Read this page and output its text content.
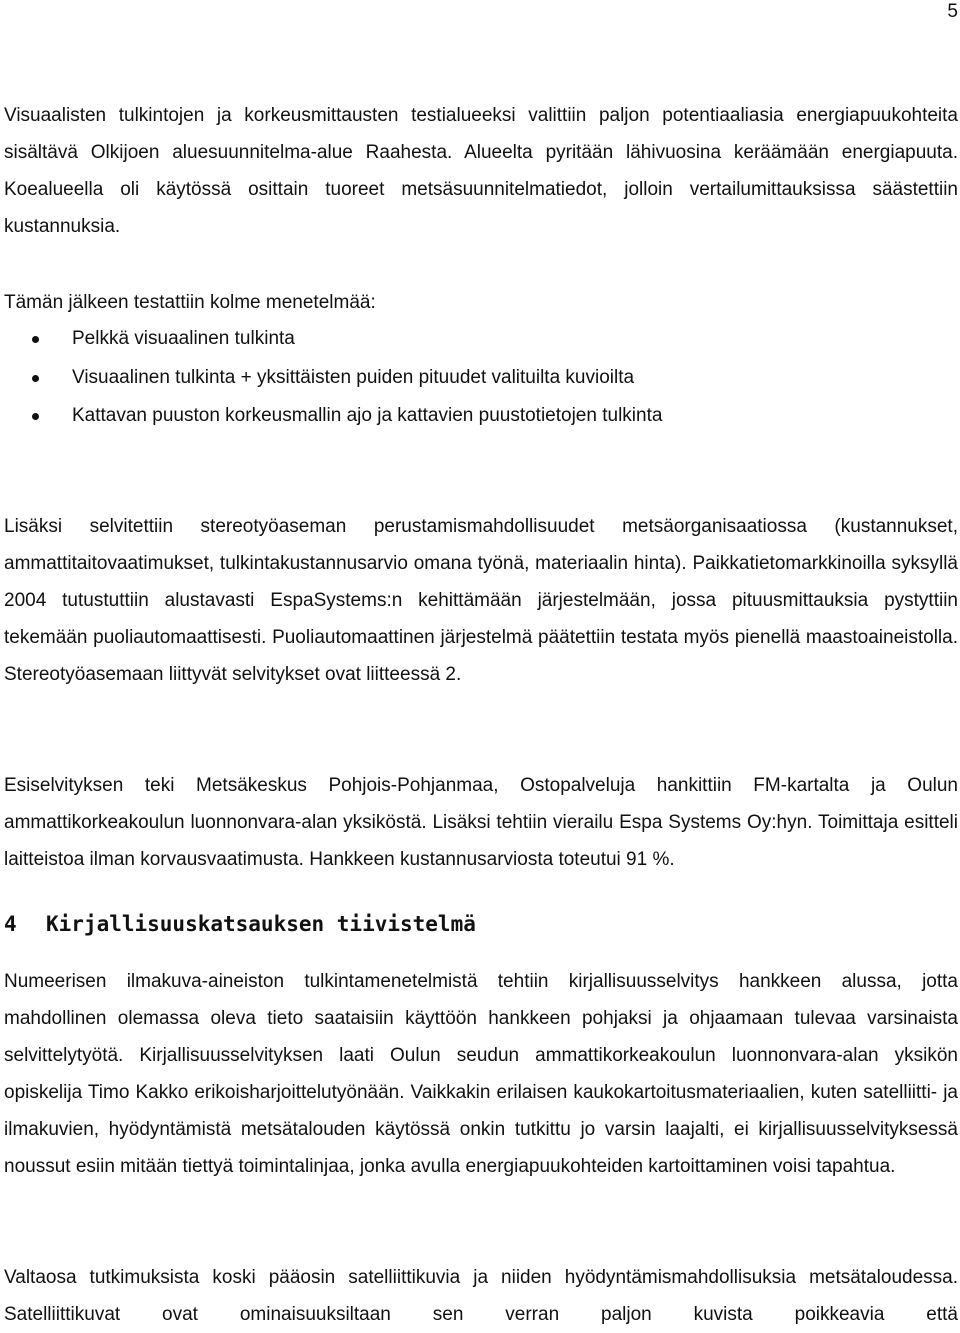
5

Visuaalisten tulkintojen ja korkeusmittausten testialueeksi valittiin paljon potentiaaliasia energiapuukohteita sisältävä Olkijoen aluesuunnitelma-alue Raahesta. Alueelta pyritään lähivuosina keräämään energiapuuta. Koealueella oli käytössä osittain tuoreet metsäsuunnitelmatiedot, jolloin vertailumittauksissa säästettiin kustannuksia.

Tämän jälkeen testattiin kolme menetelmää:

Pelkkä visuaalinen tulkinta
Visuaalinen tulkinta + yksittäisten puiden pituudet valituilta kuvioilta
Kattavan puuston korkeusmallin ajo ja kattavien puustotietojen tulkinta

Lisäksi selvitettiin stereotyöaseman perustamismahdollisuudet metsäorganisaatiossa (kustannukset, ammattitaitovaatimukset, tulkintakustannusarvio omana työnä, materiaalin hinta). Paikkatietomarkkinoilla syksyllä 2004 tutustuttiin alustavasti EspaSystems:n kehittämään järjestelmään, jossa pituusmittauksia pystyttiin tekemään puoliautomaattisesti. Puoliautomaattinen järjestelmä päätettiin testata myös pienellä maastoaineistolla. Stereotyöasemaan liittyvät selvitykset ovat liitteessä 2.

Esiselvityksen teki Metsäkeskus Pohjois-Pohjanmaa, Ostopalveluja hankittiin FM-kartalta ja Oulun ammattikorkeakoulun luonnonvara-alan yksiköstä. Lisäksi tehtiin vierailu Espa Systems Oy:hyn. Toimittaja esitteli laitteistoa ilman korvausvaatimusta. Hankkeen kustannusarviosta toteutui 91 %.

4 Kirjallisuuskatsauksen tiivistelmä

Numeerisen ilmakuva-aineiston tulkintamenetelmistä tehtiin kirjallisuusselvitys hankkeen alussa, jotta mahdollinen olemassa oleva tieto saataisiin käyttöön hankkeen pohjaksi ja ohjaamaan tulevaa varsinaista selvittelytyötä. Kirjallisuusselvityksen laati Oulun seudun ammattikorkeakoulun luonnonvara-alan yksikön opiskelija Timo Kakko erikoisharjoittelutyönään. Vaikkakin erilaisen kaukokartoitusmateriaalien, kuten satelliitti- ja ilmakuvien, hyödyntämistä metsätalouden käytössä onkin tutkittu jo varsin laajalti, ei kirjallisuusselvityksessä noussut esiin mitään tiettyä toimintalinjaa, jonka avulla energiapuukohteiden kartoittaminen voisi tapahtua.

Valtaosa tutkimuksista koski pääosin satelliittikuvia ja niiden hyödyntämismahdollisuksia metsätaloudessa. Satelliittikuvat ovat ominaisuuksiltaan sen verran paljon kuvista poikkeavia että
